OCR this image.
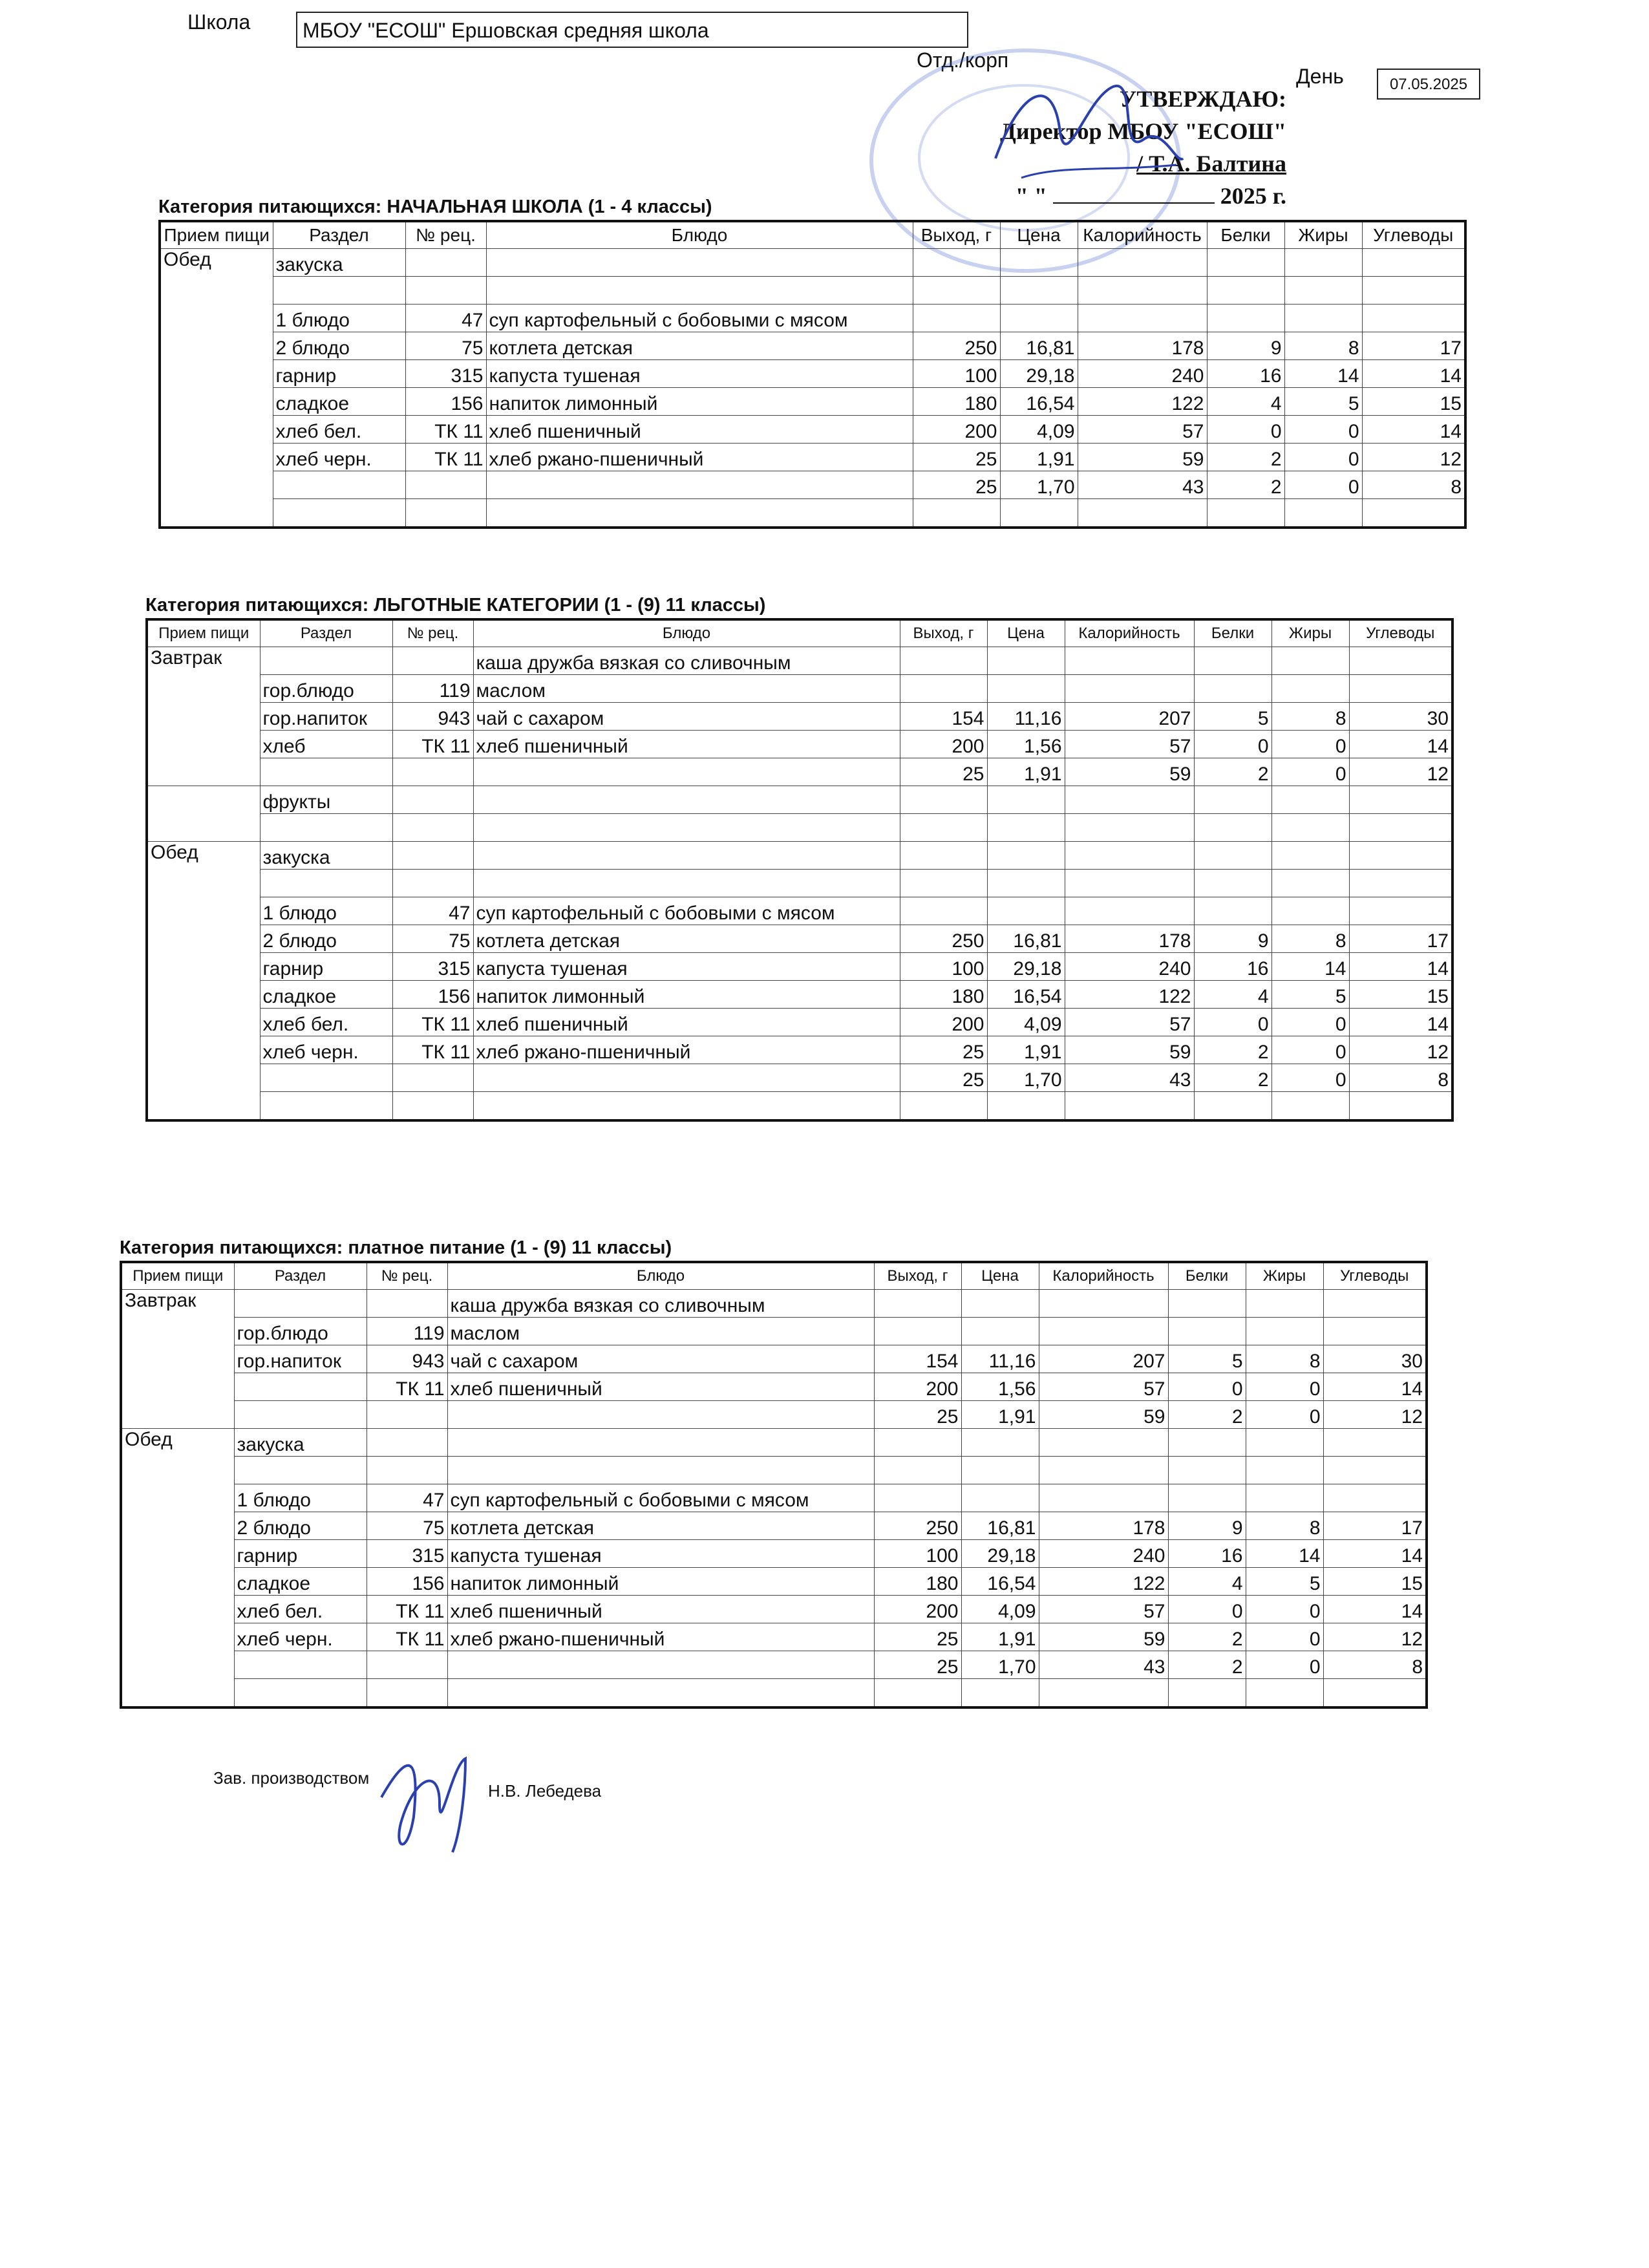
Школа	МБОУ "ЕСОШ" Ершовская средняя школа
Отд./корп
День	07.05.2025
УТВЕРЖДАЮ:
Директор МБОУ "ЕСОШ"
/ Т.А. Балтина
" "	2025 г.
Категория питающихся: НАЧАЛЬНАЯ ШКОЛА (1 - 4 классы)
Прием пищи	Раздел	№ рец.	Блюдо	Выход, г	Цена	Калорийность	Белки	Жиры	Углеводы
Обед	закуска								

	1 блюдо	47	суп картофельный с бобовыми с мясом						
	2 блюдо	75	котлета детская	250	16,81	178	9	8	17
	гарнир	315	капуста тушеная	100	29,18	240	16	14	14
	сладкое	156	напиток лимонный	180	16,54	122	4	5	15
	хлеб бел.	ТК 11	хлеб пшеничный	200	4,09	57	0	0	14
	хлеб черн.	ТК 11	хлеб ржано-пшеничный	25	1,91	59	2	0	12
				25	1,70	43	2	0	8

Категория питающихся: ЛЬГОТНЫЕ КАТЕГОРИИ (1 - (9) 11 классы)
Прием пищи	Раздел	№ рец.	Блюдо	Выход, г	Цена	Калорийность	Белки	Жиры	Углеводы
Завтрак			каша дружба вязкая со сливочным						
	гор.блюдо	119	маслом						
	гор.напиток	943	чай с сахаром	154	11,16	207	5	8	30
	хлеб	ТК 11	хлеб пшеничный	200	1,56	57	0	0	14
				25	1,91	59	2	0	12
	фрукты								

Обед	закуска								

	1 блюдо	47	суп картофельный с бобовыми с мясом						
	2 блюдо	75	котлета детская	250	16,81	178	9	8	17
	гарнир	315	капуста тушеная	100	29,18	240	16	14	14
	сладкое	156	напиток лимонный	180	16,54	122	4	5	15
	хлеб бел.	ТК 11	хлеб пшеничный	200	4,09	57	0	0	14
	хлеб черн.	ТК 11	хлеб ржано-пшеничный	25	1,91	59	2	0	12
				25	1,70	43	2	0	8

Категория питающихся: платное питание (1 - (9) 11 классы)
Прием пищи	Раздел	№ рец.	Блюдо	Выход, г	Цена	Калорийность	Белки	Жиры	Углеводы
Завтрак			каша дружба вязкая со сливочным						
	гор.блюдо	119	маслом						
	гор.напиток	943	чай с сахаром	154	11,16	207	5	8	30
		ТК 11	хлеб пшеничный	200	1,56	57	0	0	14
				25	1,91	59	2	0	12
Обед	закуска								

	1 блюдо	47	суп картофельный с бобовыми с мясом						
	2 блюдо	75	котлета детская	250	16,81	178	9	8	17
	гарнир	315	капуста тушеная	100	29,18	240	16	14	14
	сладкое	156	напиток лимонный	180	16,54	122	4	5	15
	хлеб бел.	ТК 11	хлеб пшеничный	200	4,09	57	0	0	14
	хлеб черн.	ТК 11	хлеб ржано-пшеничный	25	1,91	59	2	0	12
				25	1,70	43	2	0	8

Зав. производством
Н.В. Лебедева
